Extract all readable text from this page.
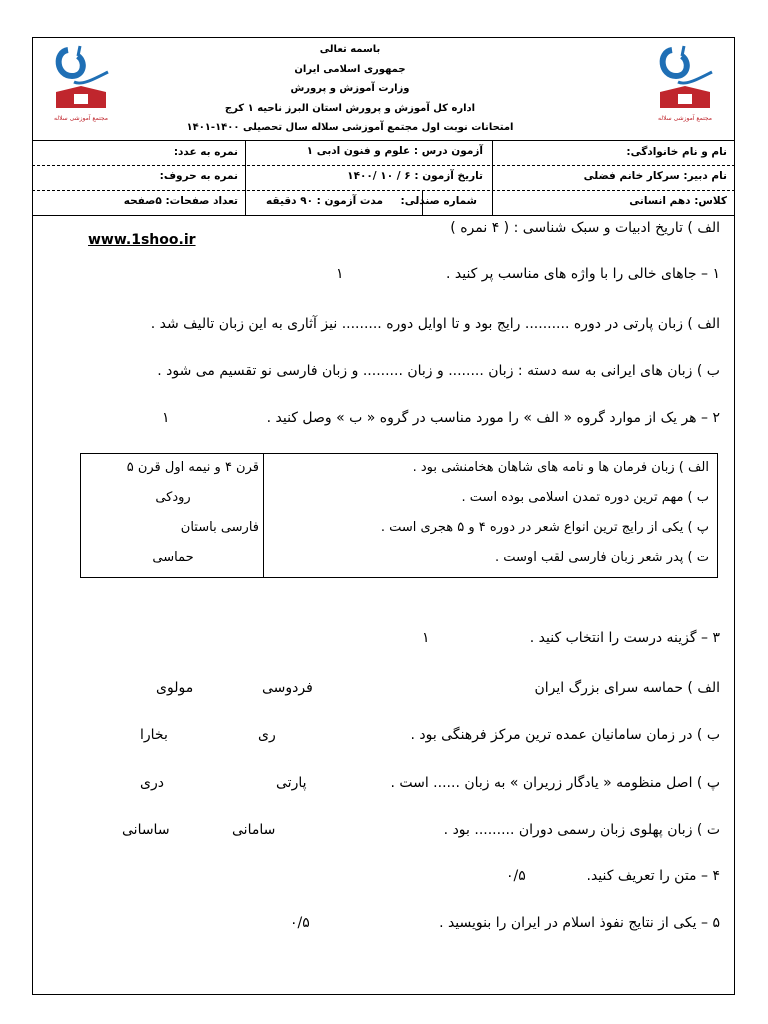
مجتمع آموزشی سلاله	مجتمع آموزشی سلاله
باسمه تعالی
جمهوری اسلامی ایران
وزارت آموزش و پرورش
اداره کل آموزش و پرورش استان البرز ناحیه ۱ کرج
امتحانات نوبت اول مجتمع آموزشی سلاله سال تحصیلی ۱۴۰۰-۱۴۰۱
نام و نام خانوادگی:
آزمون درس : علوم و فنون ادبی ۱
نمره به عدد:
نام دبیر: سرکار خانم فضلی
تاریخ آزمون : ۶ / ۱۰ /۱۴۰۰
نمره به حروف:
کلاس: دهم انسانی
شماره صندلی:
مدت آزمون : ۹۰ دقیقه
تعداد صفحات: ۵صفحه
الف ) تاریخ ادبیات و سبک شناسی : ( ۴ نمره )
www.1shoo.ir
۱ – جاهای خالی را با واژه های مناسب پر کنید .
۱
الف ) زبان پارتی در دوره .......... رایج بود و تا اوایل دوره ......... نیز آثاری به این زبان تالیف شد .
ب ) زبان های ایرانی به سه دسته : زبان ........ و زبان ......... و زبان فارسی نو تقسیم می شود .
۲ – هر یک از موارد گروه « الف » را مورد مناسب در گروه « ب » وصل کنید .
۱
الف ) زبان فرمان ها و نامه های شاهان هخامنشی بود .
ب ) مهم ترین دوره تمدن اسلامی بوده است .
پ ) یکی از رایج ترین انواع شعر در دوره ۴ و ۵ هجری است .
ت ) پدر شعر زبان فارسی لقب اوست .
قرن ۴ و نیمه اول قرن ۵
رودکی
فارسی باستان
حماسی
۳ – گزینه درست را انتخاب کنید .
۱
الف ) حماسه سرای بزرگ ایران
فردوسی
مولوی
ب ) در زمان سامانیان عمده ترین مرکز فرهنگی بود .
ری
بخارا
پ ) اصل منظومه « یادگار زریران » به زبان ...... است .
پارتی
دری
ت ) زبان پهلوی زبان رسمی دوران ......... بود .
سامانی
ساسانی
۴ – متن را تعریف کنید.
۰/۵
۵ – یکی از نتایج نفوذ اسلام در ایران را بنویسید .
۰/۵
